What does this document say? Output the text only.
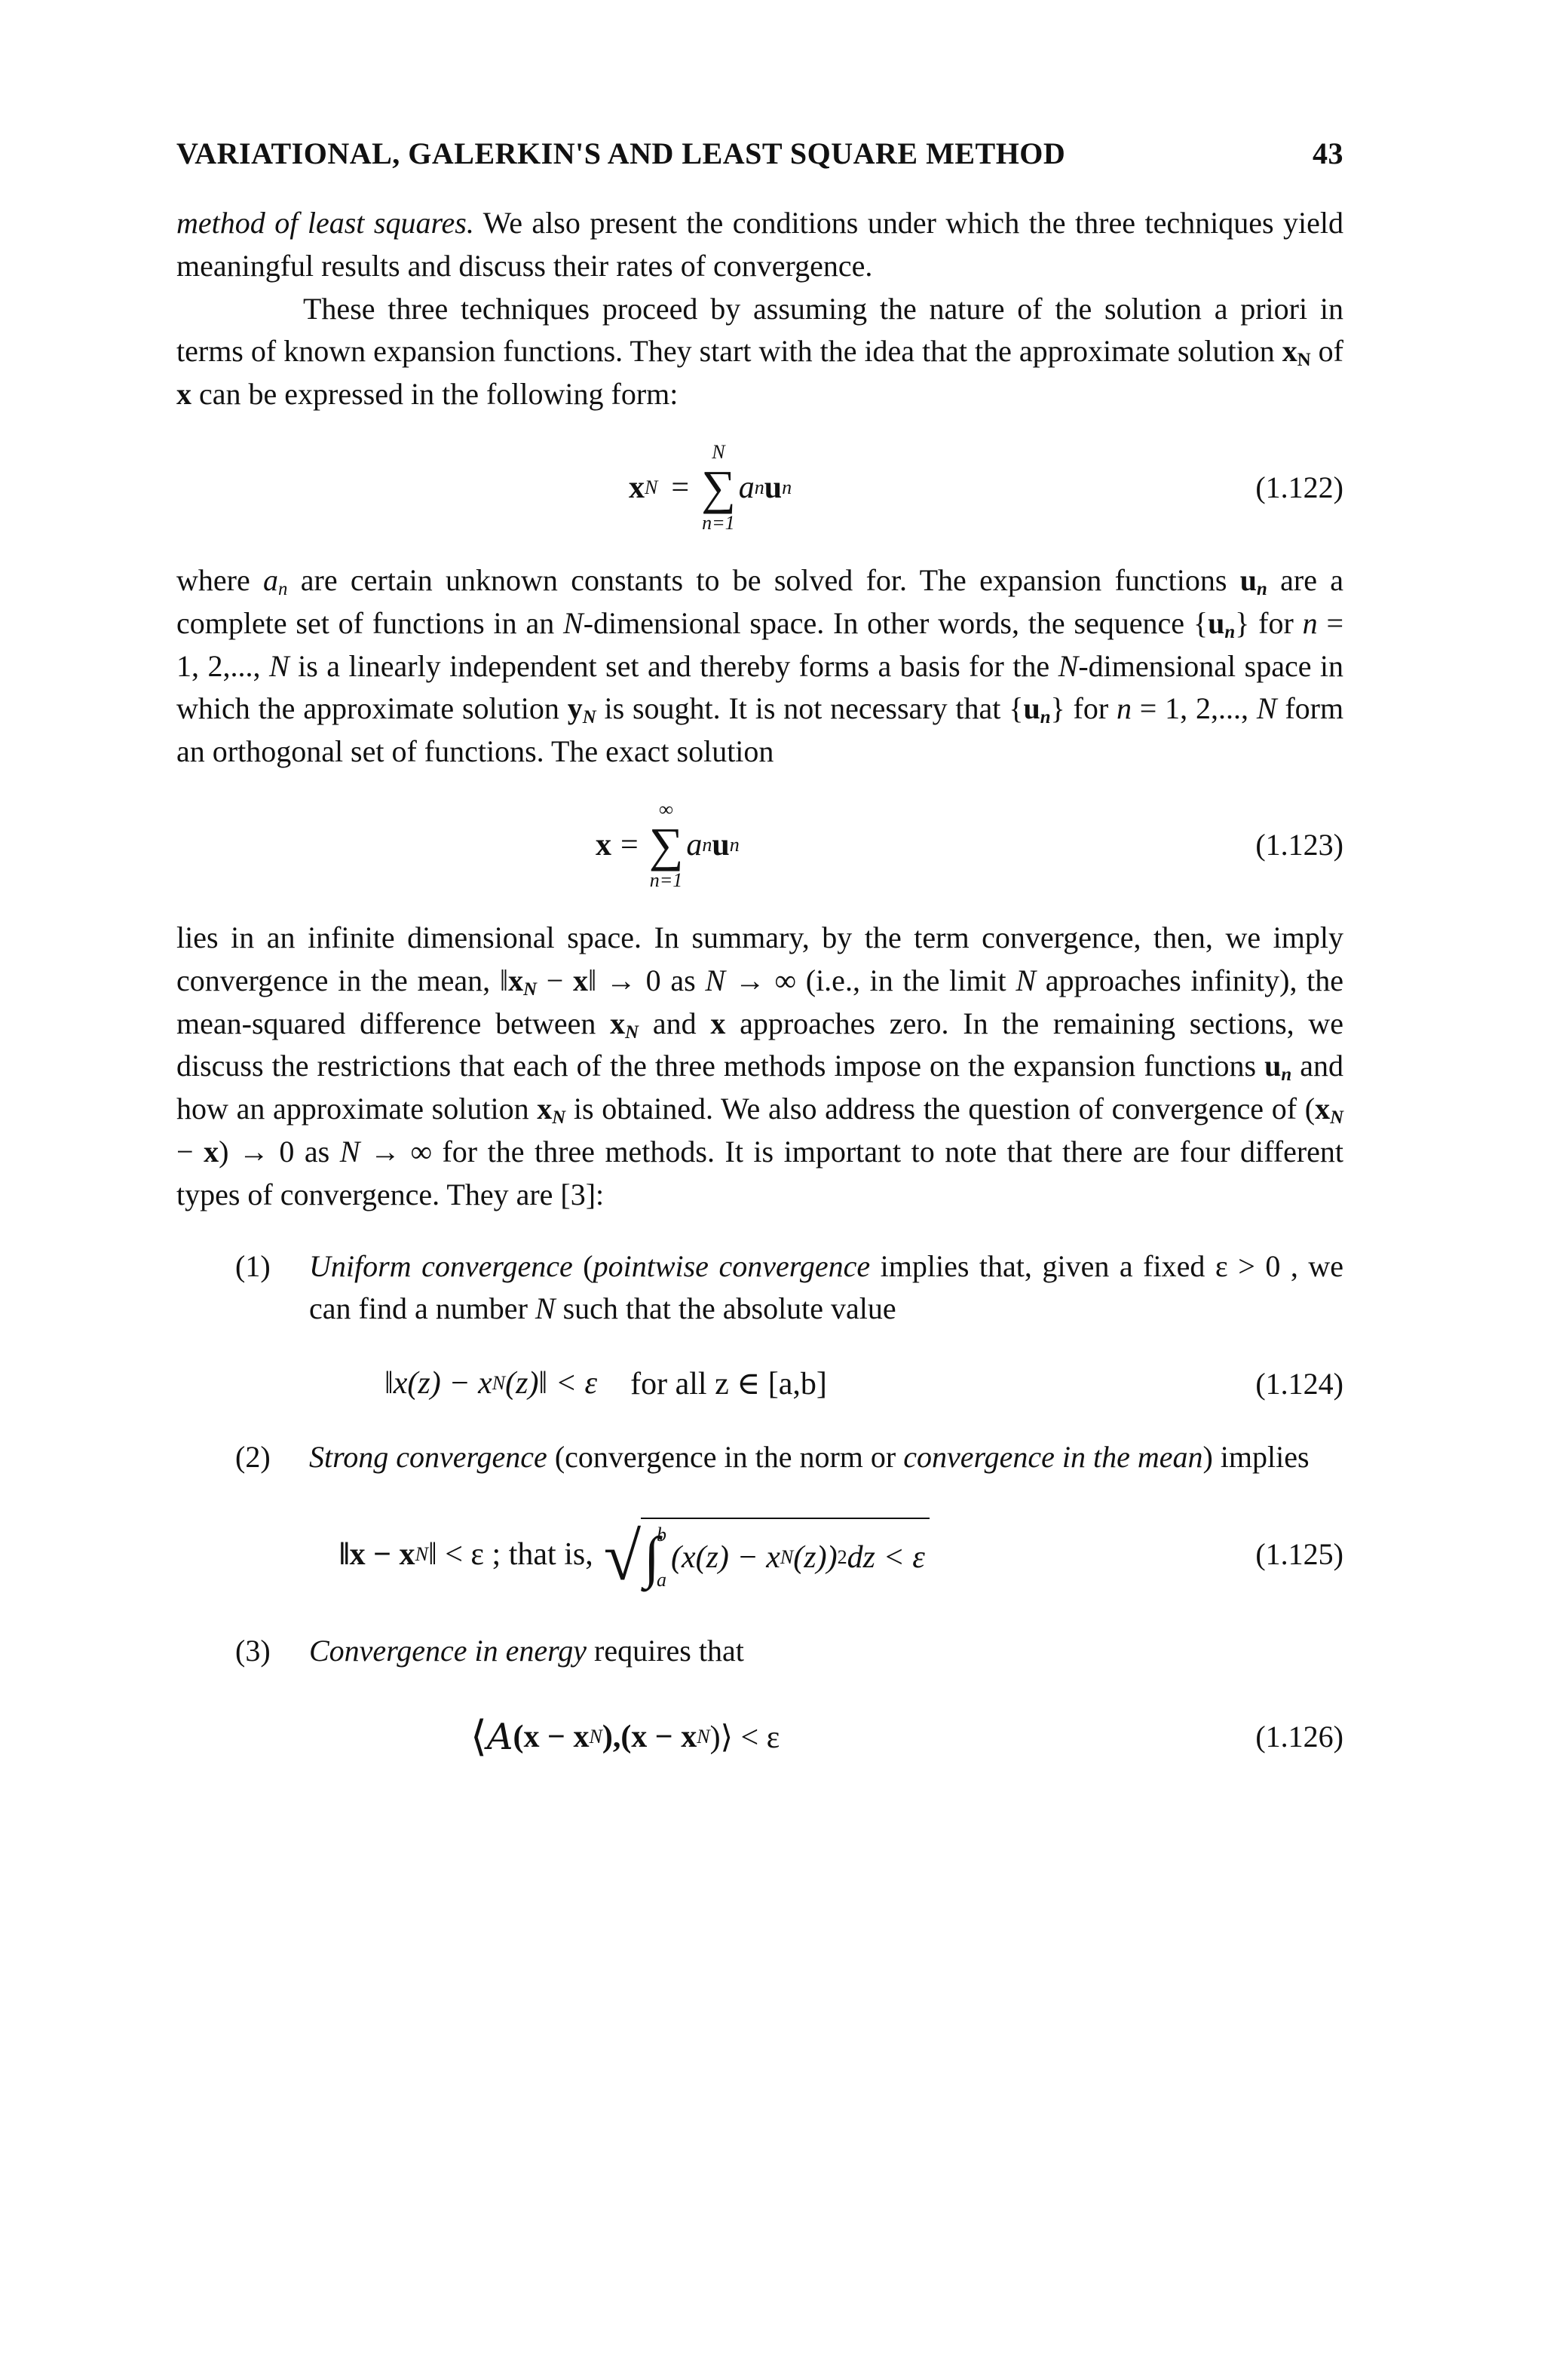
VARIATIONAL, GALERKIN'S AND LEAST SQUARE METHOD	43

method of least squares. We also present the conditions under which the three techniques yield meaningful results and discuss their rates of convergence.

These three techniques proceed by assuming the nature of the solution a priori in terms of known expansion functions. They start with the idea that the approximate solution $x_N$ of x can be expressed in the following form:

x N =
N
∑
n=1
a n u n	(1.122)

where $a_n$ are certain unknown constants to be solved for. The expansion functions $u_n$ are a complete set of functions in an N-dimensional space. In other words, the sequence $\{u_n\}$ for n = 1, 2,..., N is a linearly independent set and thereby forms a basis for the N-dimensional space in which the approximate solution $y_N$ is sought. It is not necessary that $\{u_n\}$ for n = 1, 2,..., N form an orthogonal set of functions. The exact solution

x =
∞
∑
n=1
a n u n	(1.123)

lies in an infinite dimensional space. In summary, by the term convergence, then, we imply convergence in the mean, $‖x_N$ − x‖ → 0 as N → ∞ (i.e., in the limit N approaches infinity), the mean-squared difference between $x_N$ and x approaches zero. In the remaining sections, we discuss the restrictions that each of the three methods impose on the expansion functions $u_n$ and how an approximate solution $x_N$ is obtained. We also address the question of convergence of $(x_N - x) \to 0$ as N → ∞ for the three methods. It is important to note that there are four different types of convergence. They are [3]:

(1)	Uniform convergence (pointwise convergence implies that, given a fixed ε > 0 , we can find a number N such that the absolute value
‖x(z) − x N (z)‖ < ε for all z ∈ [a,b]	(1.124)
(2)	Strong convergence (convergence in the norm or convergence in the mean) implies
‖x − x N ‖ < ε ; that is, √ ∫
b
a
(x(z) − x N (z)) 2 dz < ε	(1.125)
(3)	Convergence in energy requires that
⟨ A (x − x N ),(x − x N )⟩ < ε	(1.126)
